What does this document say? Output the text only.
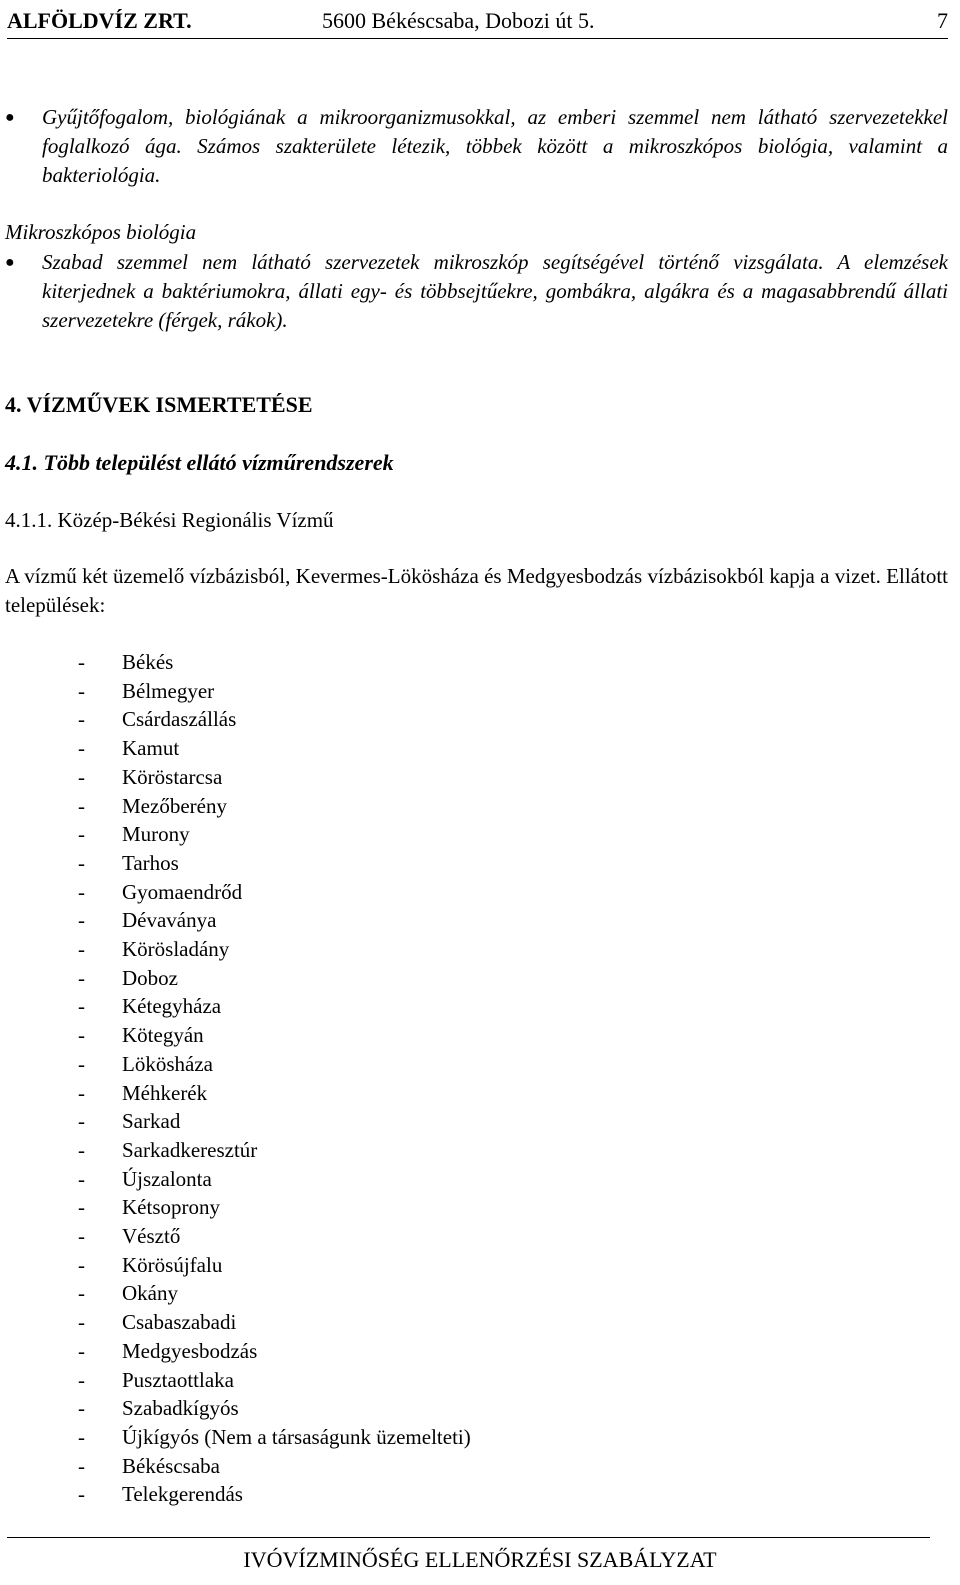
ALFÖLDVÍZ ZRT.	5600 Békéscsaba, Dobozi út 5.	7
● Gyűjtőfogalom, biológiának a mikroorganizmusokkal, az emberi szemmel nem látható szervezetekkel foglalkozó ága. Számos szakterülete létezik, többek között a mikroszkópos biológia, valamint a bakteriológia.
Mikroszkópos biológia
● Szabad szemmel nem látható szervezetek mikroszkóp segítségével történő vizsgálata. A elemzések kiterjednek a baktériumokra, állati egy- és többsejtűekre, gombákra, algákra és a magasabbrendű állati szervezetekre (férgek, rákok).
4. VÍZMŰVEK ISMERTETÉSE
4.1. Több települést ellátó vízműrendszerek
4.1.1. Közép-Békési Regionális Vízmű
A vízmű két üzemelő vízbázisból, Kevermes-Lökösháza és Medgyesbodzás vízbázisokból kapja a vizet. Ellátott települések:
- Békés
- Bélmegyer
- Csárdaszállás
- Kamut
- Köröstarcsa
- Mezőberény
- Murony
- Tarhos
- Gyomaendrőd
- Dévaványa
- Körösladány
- Doboz
- Kétegyháza
- Kötegyán
- Lökösháza
- Méhkerék
- Sarkad
- Sarkadkeresztúr
- Újszalonta
- Kétsoprony
- Vésztő
- Körösújfalu
- Okány
- Csabaszabadi
- Medgyesbodzás
- Pusztaottlaka
- Szabadkígyós
- Újkígyós (Nem a társaságunk üzemelteti)
- Békéscsaba
- Telekgerendás
IVÓVÍZMINŐSÉG ELLENŐRZÉSI SZABÁLYZAT
